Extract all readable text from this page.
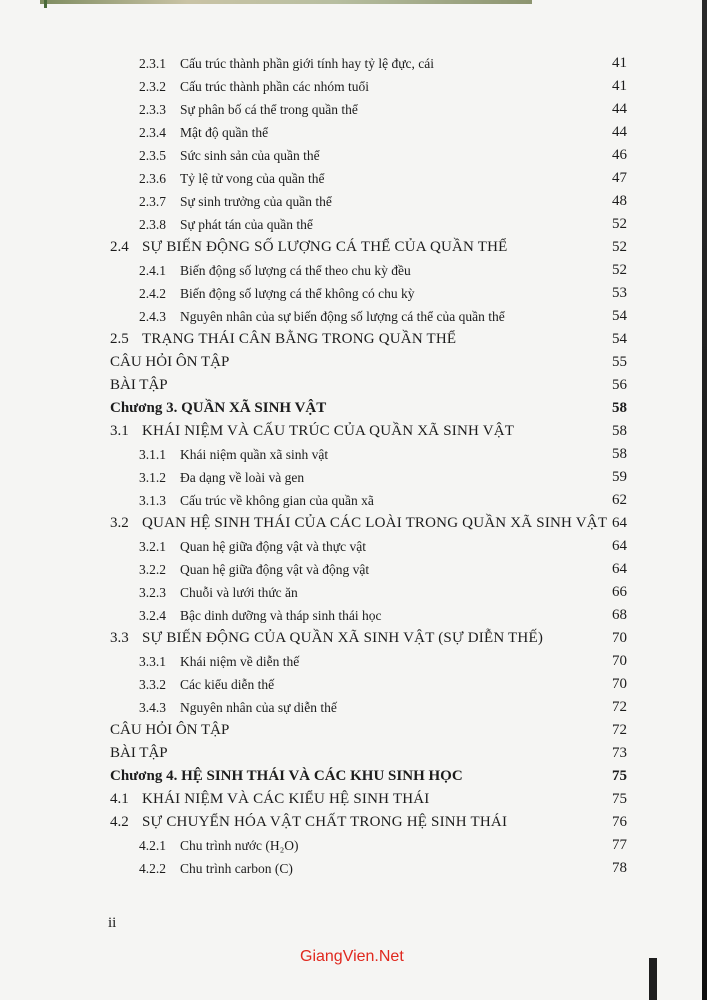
2.3.1 Cấu trúc thành phần giới tính hay tỷ lệ đực, cái	41
2.3.2 Cấu trúc thành phần các nhóm tuổi	41
2.3.3 Sự phân bố cá thể trong quần thể	44
2.3.4 Mật độ quần thể	44
2.3.5 Sức sinh sản của quần thể	46
2.3.6 Tỷ lệ tử vong của quần thể	47
2.3.7 Sự sinh trưởng của quần thể	48
2.3.8 Sự phát tán của quần thể	52
2.4 SỰ BIẾN ĐỘNG SỐ LƯỢNG CÁ THỂ CỦA QUẦN THỂ	52
2.4.1 Biến động số lượng cá thể theo chu kỳ đều	52
2.4.2 Biến động số lượng cá thể không có chu kỳ	53
2.4.3 Nguyên nhân của sự biến động số lượng cá thể của quần thể	54
2.5 TRẠNG THÁI CÂN BẰNG TRONG QUẦN THỂ	54
CÂU HỎI ÔN TẬP	55
BÀI TẬP	56
Chương 3. QUẦN XÃ SINH VẬT	58
3.1 KHÁI NIỆM VÀ CẤU TRÚC CỦA QUẦN XÃ SINH VẬT	58
3.1.1 Khái niệm quần xã sinh vật	58
3.1.2 Đa dạng về loài và gen	59
3.1.3 Cấu trúc về không gian của quần xã	62
3.2 QUAN HỆ SINH THÁI CỦA CÁC LOÀI TRONG QUẦN XÃ SINH VẬT 64
3.2.1 Quan hệ giữa động vật và thực vật	64
3.2.2 Quan hệ giữa động vật và động vật	64
3.2.3 Chuỗi và lưới thức ăn	66
3.2.4 Bậc dinh dưỡng và tháp sinh thái học	68
3.3 SỰ BIẾN ĐỘNG CỦA QUẦN XÃ SINH VẬT (SỰ DIỄN THẾ)	70
3.3.1 Khái niệm về diễn thế	70
3.3.2 Các kiểu diễn thế	70
3.4.3 Nguyên nhân của sự diễn thế	72
CÂU HỎI ÔN TẬP	72
BÀI TẬP	73
Chương 4. HỆ SINH THÁI VÀ CÁC KHU SINH HỌC	75
4.1 KHÁI NIỆM VÀ CÁC KIỂU HỆ SINH THÁI	75
4.2 SỰ CHUYỂN HÓA VẬT CHẤT TRONG HỆ SINH THÁI	76
4.2.1 Chu trình nước (H₂O)	77
4.2.2 Chu trình carbon (C)	78
ii
GiangVien.Net
